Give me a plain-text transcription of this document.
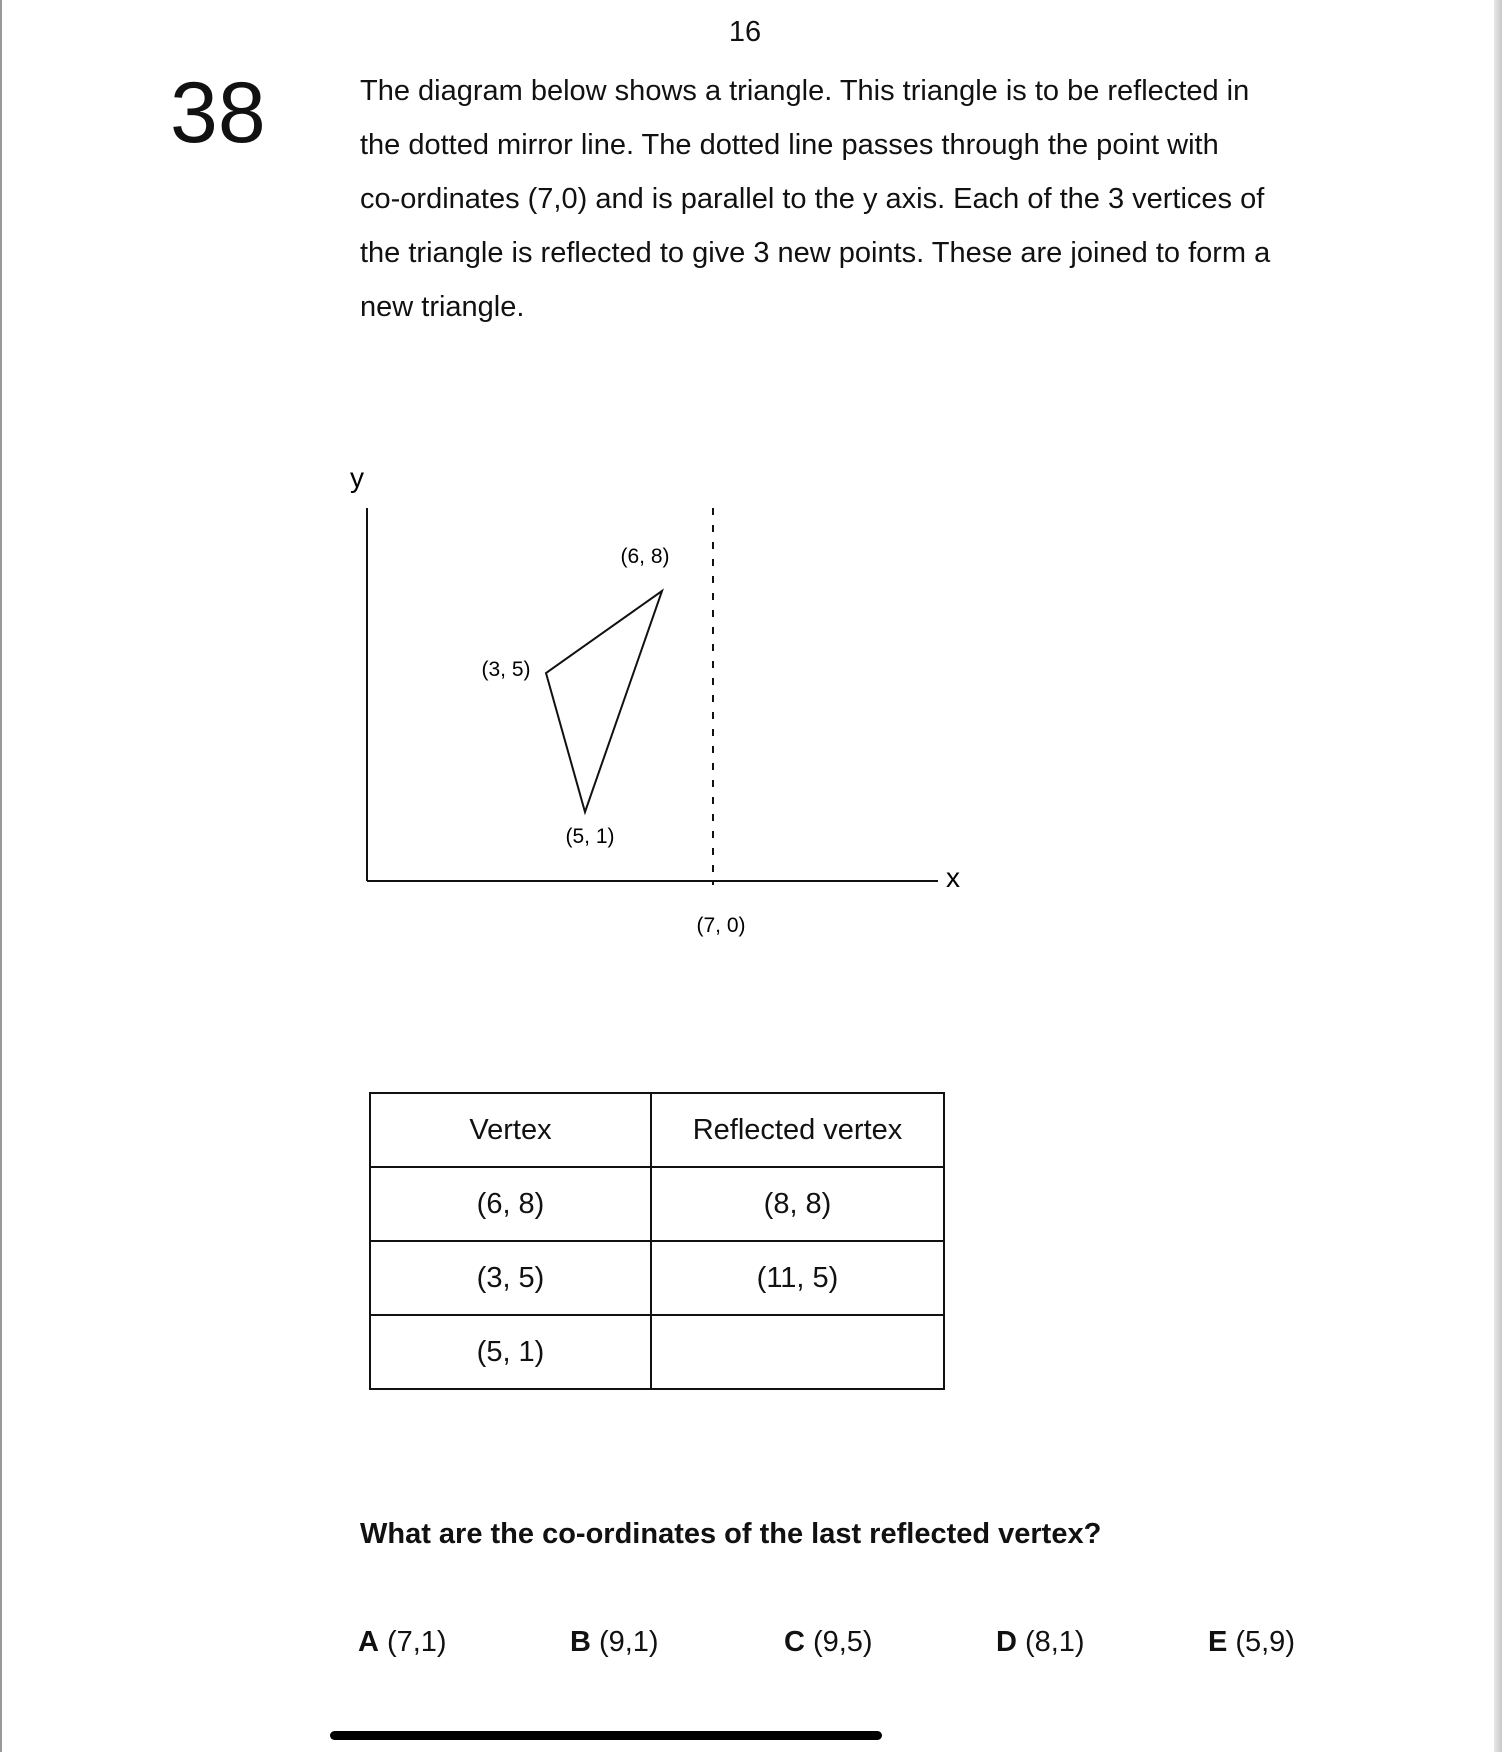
16
38	The diagram below shows a triangle. This triangle is to be reflected in

the dotted mirror line. The dotted line passes through the point with

co-ordinates (7,0) and is parallel to the y axis. Each of the 3 vertices of

the triangle is reflected to give 3 new points. These are joined to form a

new triangle.

y
x
(7, 0)
(6, 8)
(3, 5)
(5, 1)
Vertex	Reflected vertex
(6, 8)	(8, 8)
(3, 5)	(11, 5)
(5, 1)	
What are the co-ordinates of the last reflected vertex?
A (7,1)	B (9,1)	C (9,5)	D (8,1)	E (5,9)
